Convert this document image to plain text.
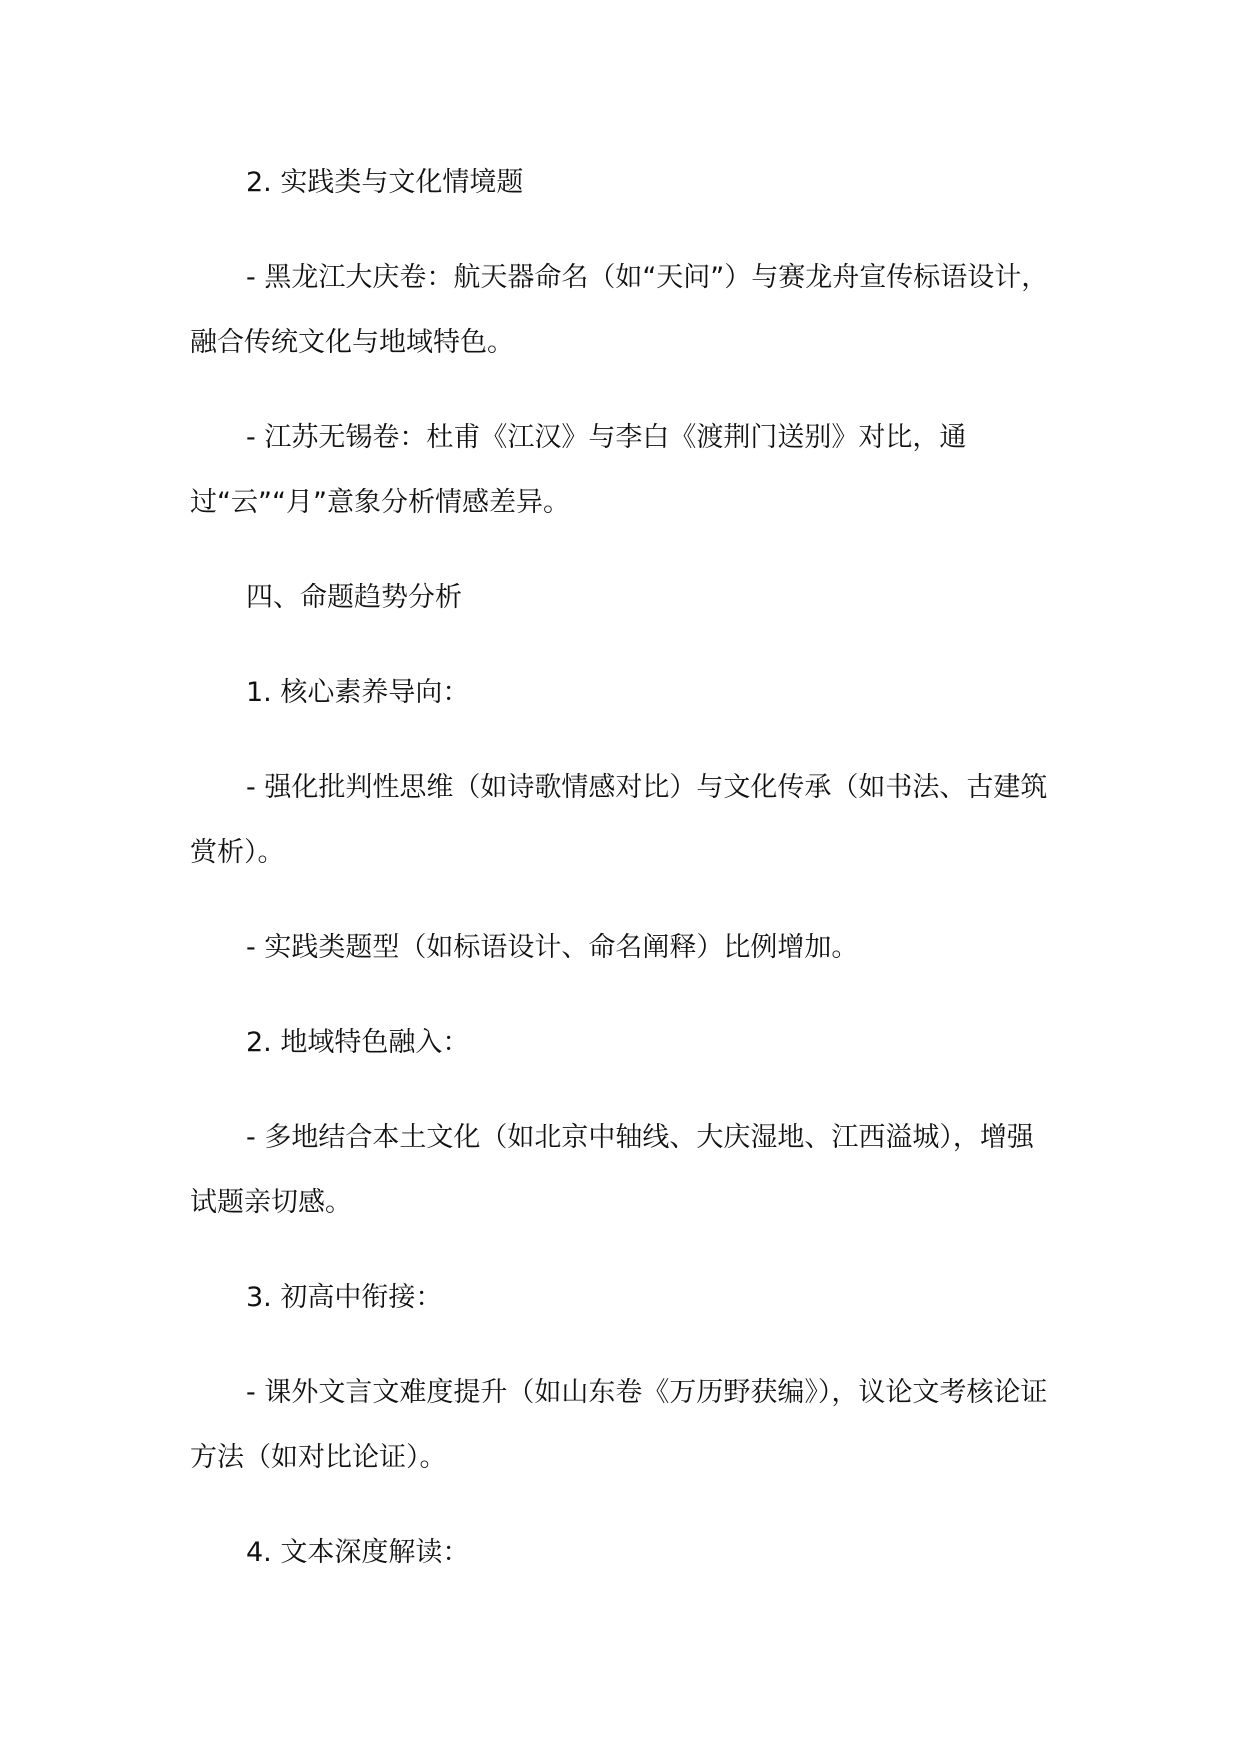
2. 实践类与文化情境题

- 黑龙江大庆卷：航天器命名（如“天问”）与赛龙舟宣传标语设计，融合传统文化与地域特色。

- 江苏无锡卷：杜甫《江汉》与李白《渡荆门送别》对比，通过“云”“月”意象分析情感差异。

四、命题趋势分析

1. 核心素养导向：

- 强化批判性思维（如诗歌情感对比）与文化传承（如书法、古建筑赏析）。

- 实践类题型（如标语设计、命名阐释）比例增加。

2. 地域特色融入：

- 多地结合本土文化（如北京中轴线、大庆湿地、江西溢城），增强试题亲切感。

3. 初高中衔接：

- 课外文言文难度提升（如山东卷《万历野获编》），议论文考核论证方法（如对比论证）。

4. 文本深度解读：
